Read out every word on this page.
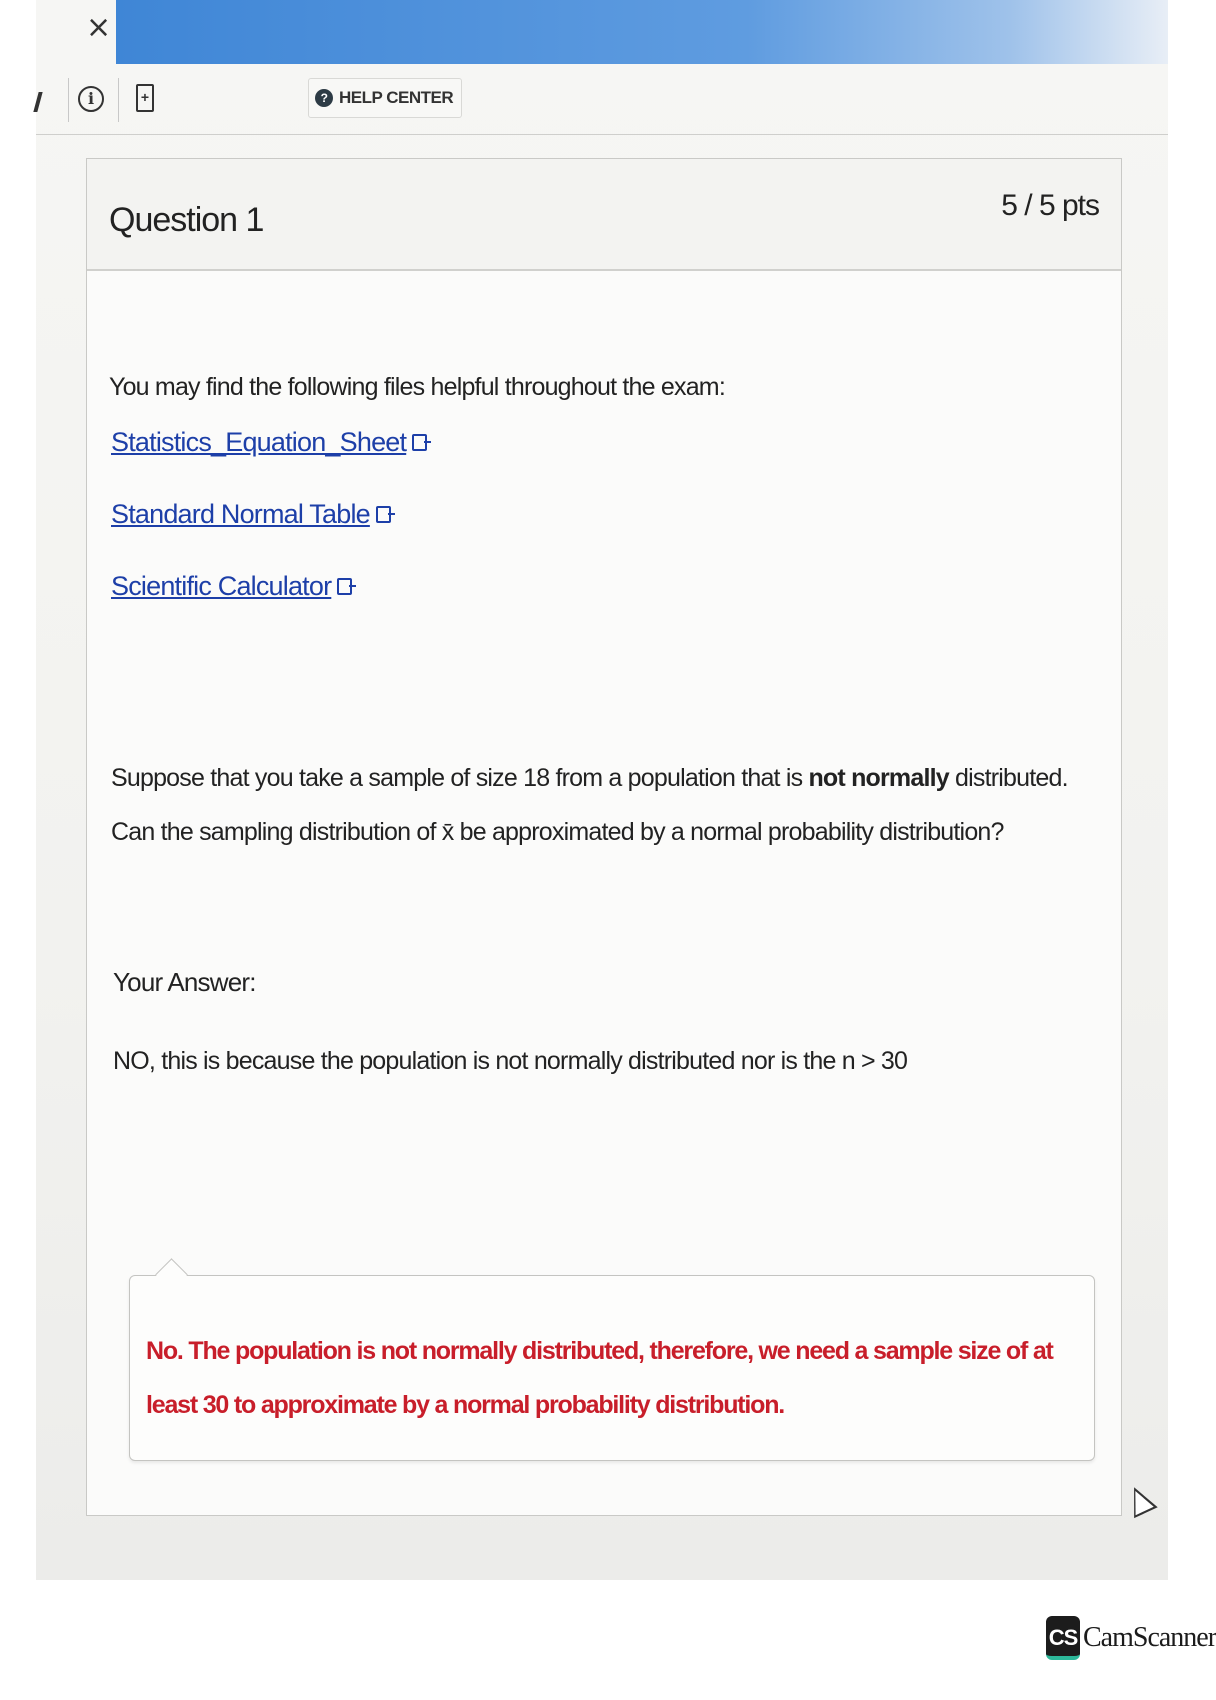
×
i	+	? HELP CENTER
Question 1	5 / 5 pts
You may find the following files helpful throughout the exam:
Statistics_Equation_Sheet
Standard Normal Table
Scientific Calculator
Suppose that you take a sample of size 18 from a population that is not normally distributed. Can the sampling distribution of x̄ be approximated by a normal probability distribution?
Your Answer:
NO, this is because the population is not normally distributed nor is the n > 30
No. The population is not normally distributed, therefore, we need a sample size of at least 30 to approximate by a normal probability distribution.
CS CamScanner
